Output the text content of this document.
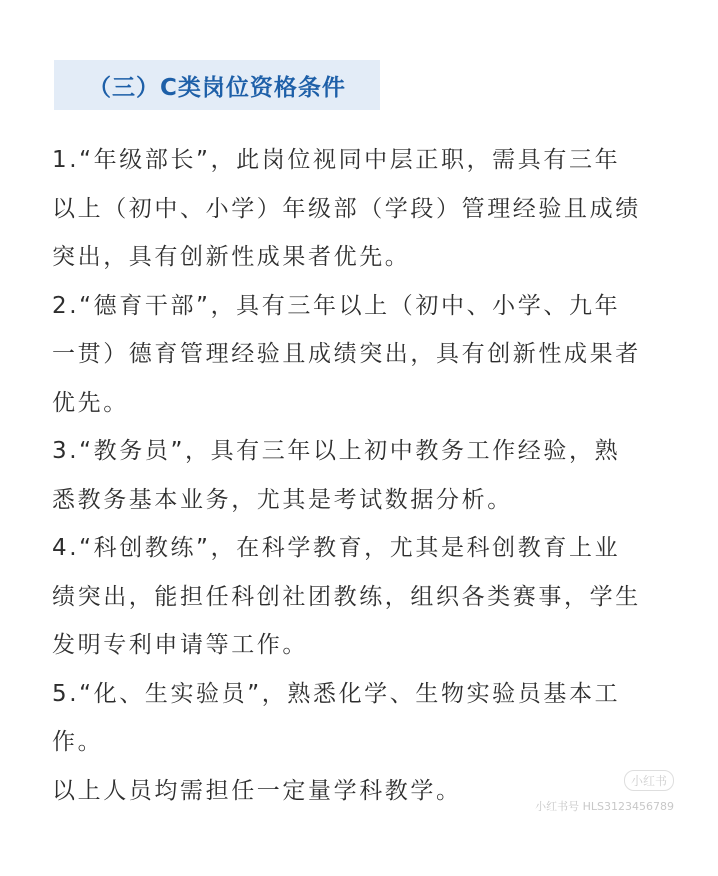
（三）C类岗位资格条件
1.“年级部长”，此岗位视同中层正职，需具有三年
以上（初中、小学）年级部（学段）管理经验且成绩
突出，具有创新性成果者优先。
2.“德育干部”，具有三年以上（初中、小学、九年
一贯）德育管理经验且成绩突出，具有创新性成果者
优先。
3.“教务员”，具有三年以上初中教务工作经验，熟
悉教务基本业务，尤其是考试数据分析。
4.“科创教练”，在科学教育，尤其是科创教育上业
绩突出，能担任科创社团教练，组织各类赛事，学生
发明专利申请等工作。
5.“化、生实验员”，熟悉化学、生物实验员基本工
作。
以上人员均需担任一定量学科教学。	小红书
小红书号 HLS3123456789
